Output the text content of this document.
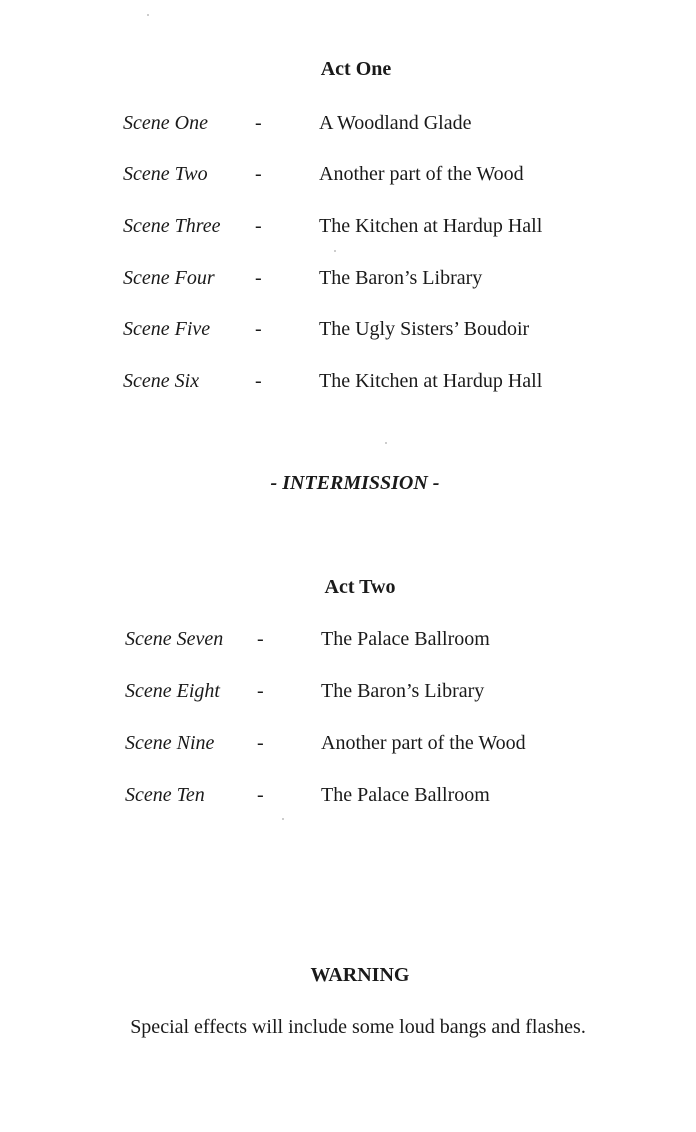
Act One
Scene One -	A Woodland Glade
Scene Two -	Another part of the Wood
Scene Three -	The Kitchen at Hardup Hall
Scene Four -	The Baron’s Library
Scene Five -	The Ugly Sisters’ Boudoir
Scene Six	-	The Kitchen at Hardup Hall
- INTERMISSION -
Act Two
Scene Seven -	The Palace Ballroom
Scene Eight -	The Baron’s Library
Scene Nine -	Another part of the Wood
Scene Ten	-	The Palace Ballroom
WARNING
Special effects will include some loud bangs and flashes.
